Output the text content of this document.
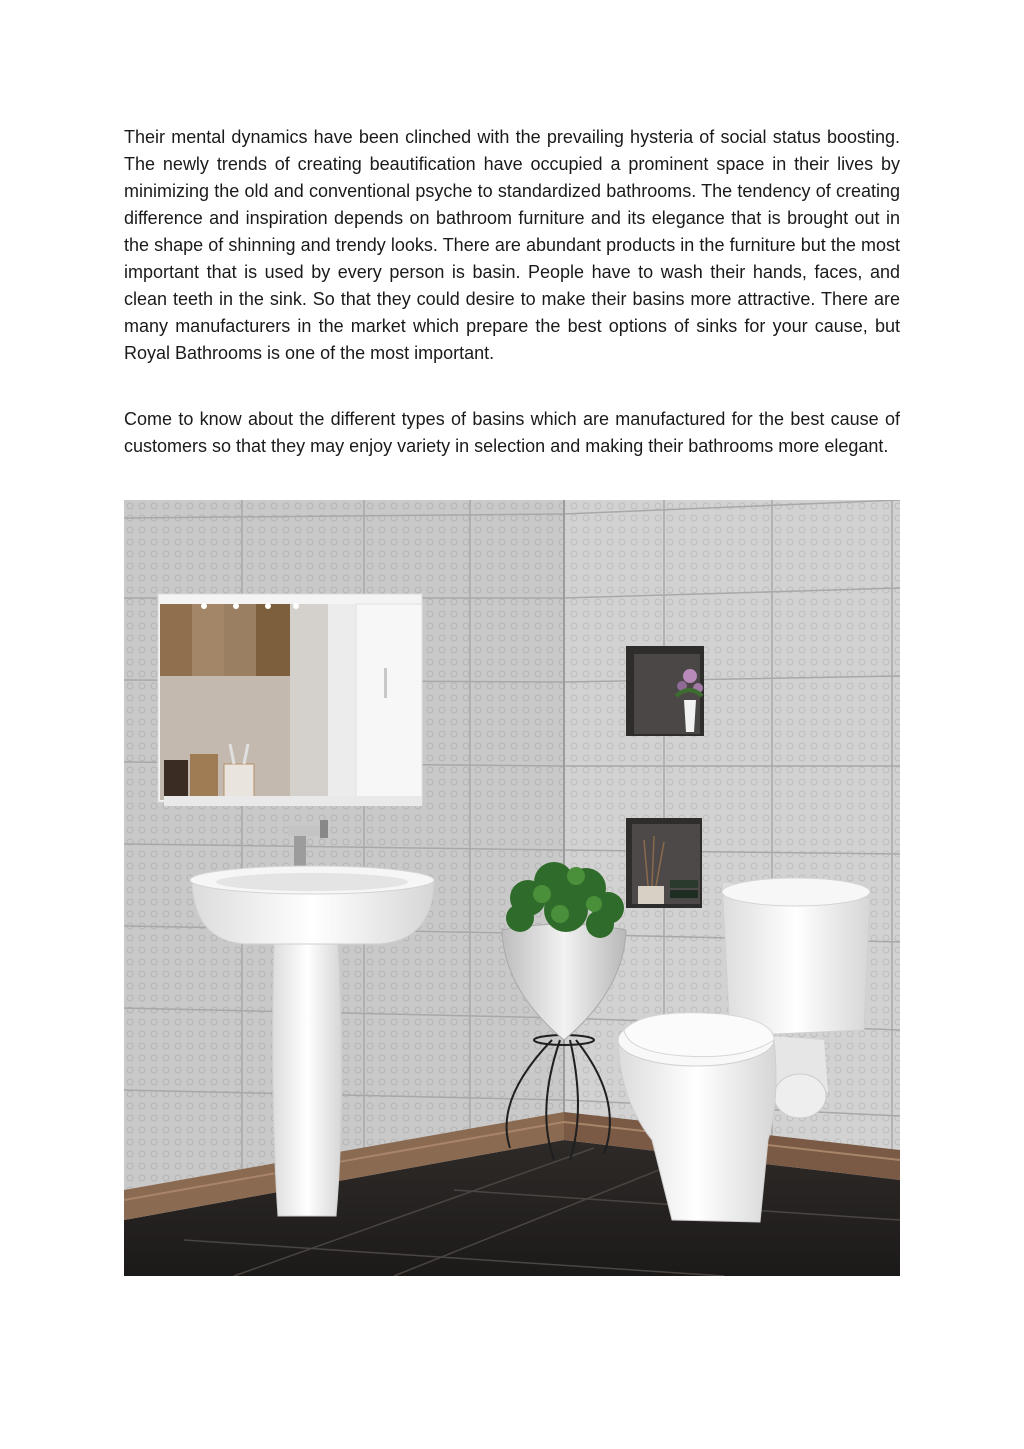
Their mental dynamics have been clinched with the prevailing hysteria of social status boosting. The newly trends of creating beautification have occupied a prominent space in their lives by minimizing the old and conventional psyche to standardized bathrooms. The tendency of creating difference and inspiration depends on bathroom furniture and its elegance that is brought out in the shape of shinning and trendy looks. There are abundant products in the furniture but the most important that is used by every person is basin. People have to wash their hands, faces, and clean teeth in the sink. So that they could desire to make their basins more attractive. There are many manufacturers in the market which prepare the best options of sinks for your cause, but Royal Bathrooms is one of the most important.

Come to know about the different types of basins which are manufactured for the best cause of customers so that they may enjoy variety in selection and making their bathrooms more elegant.
